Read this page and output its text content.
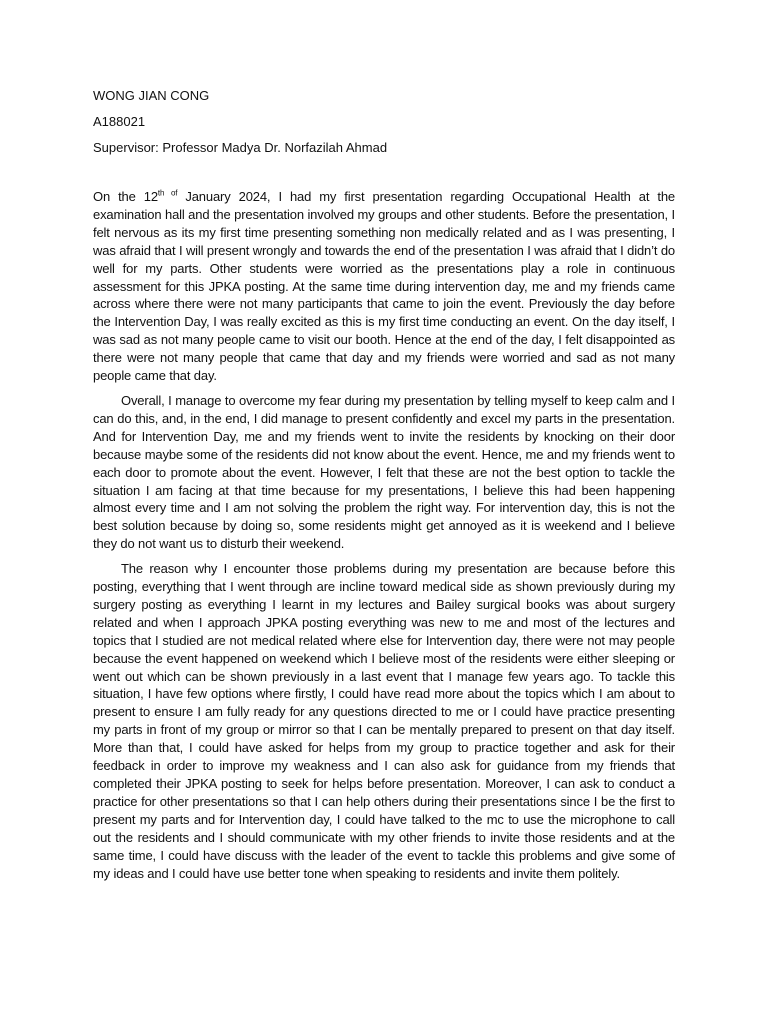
WONG JIAN CONG
A188021
Supervisor: Professor Madya Dr. Norfazilah Ahmad

On the $12^{th of}$ January 2024, I had my first presentation regarding Occupational Health at the examination hall and the presentation involved my groups and other students. Before the presentation, I felt nervous as its my first time presenting something non medically related and as I was presenting, I was afraid that I will present wrongly and towards the end of the presentation I was afraid that I didn’t do well for my parts. Other students were worried as the presentations play a role in continuous assessment for this JPKA posting. At the same time during intervention day, me and my friends came across where there were not many participants that came to join the event. Previously the day before the Intervention Day, I was really excited as this is my first time conducting an event. On the day itself, I was sad as not many people came to visit our booth. Hence at the end of the day, I felt disappointed as there were not many people that came that day and my friends were worried and sad as not many people came that day.

Overall, I manage to overcome my fear during my presentation by telling myself to keep calm and I can do this, and, in the end, I did manage to present confidently and excel my parts in the presentation. And for Intervention Day, me and my friends went to invite the residents by knocking on their door because maybe some of the residents did not know about the event. Hence, me and my friends went to each door to promote about the event. However, I felt that these are not the best option to tackle the situation I am facing at that time because for my presentations, I believe this had been happening almost every time and I am not solving the problem the right way. For intervention day, this is not the best solution because by doing so, some residents might get annoyed as it is weekend and I believe they do not want us to disturb their weekend.

The reason why I encounter those problems during my presentation are because before this posting, everything that I went through are incline toward medical side as shown previously during my surgery posting as everything I learnt in my lectures and Bailey surgical books was about surgery related and when I approach JPKA posting everything was new to me and most of the lectures and topics that I studied are not medical related where else for Intervention day, there were not may people because the event happened on weekend which I believe most of the residents were either sleeping or went out which can be shown previously in a last event that I manage few years ago. To tackle this situation, I have few options where firstly, I could have read more about the topics which I am about to present to ensure I am fully ready for any questions directed to me or I could have practice presenting my parts in front of my group or mirror so that I can be mentally prepared to present on that day itself. More than that, I could have asked for helps from my group to practice together and ask for their feedback in order to improve my weakness and I can also ask for guidance from my friends that completed their JPKA posting to seek for helps before presentation. Moreover, I can ask to conduct a practice for other presentations so that I can help others during their presentations since I be the first to present my parts and for Intervention day, I could have talked to the mc to use the microphone to call out the residents and I should communicate with my other friends to invite those residents and at the same time, I could have discuss with the leader of the event to tackle this problems and give some of my ideas and I could have use better tone when speaking to residents and invite them politely.
